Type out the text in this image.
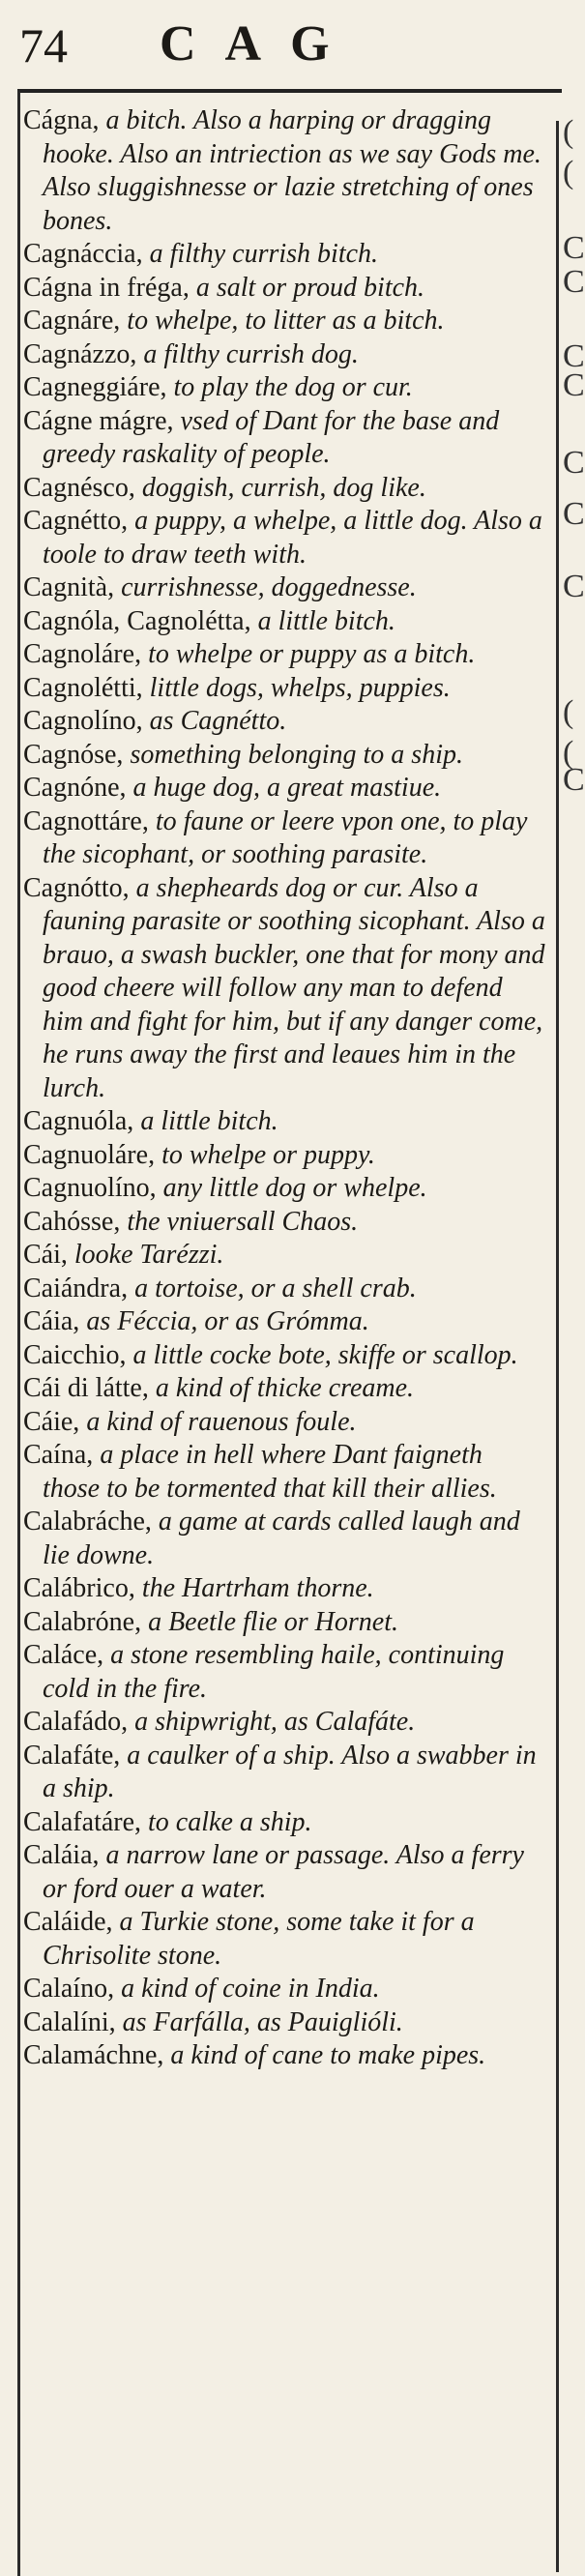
74 CAG
(
(
C
C
C
C
C
C
C
(
(
C
Cágna, a bitch. Also a harping or dragging hooke. Also an intriection as we say Gods me. Also sluggishnesse or lazie stretching of ones bones.
Cagnáccia, a filthy currish bitch.
Cágna in fréga, a salt or proud bitch.
Cagnáre, to whelpe, to litter as a bitch.
Cagnázzo, a filthy currish dog.
Cagneggiáre, to play the dog or cur.
Cágne mágre, vsed of Dant for the base and greedy raskality of people.
Cagnésco, doggish, currish, dog like.
Cagnétto, a puppy, a whelpe, a little dog. Also a toole to draw teeth with.
Cagnità, currishnesse, doggednesse.
Cagnóla, Cagnolétta, a little bitch.
Cagnoláre, to whelpe or puppy as a bitch.
Cagnolétti, little dogs, whelps, puppies.
Cagnolíno, as Cagnétto.
Cagnóse, something belonging to a ship.
Cagnóne, a huge dog, a great mastiue.
Cagnottáre, to faune or leere vpon one, to play the sicophant, or soothing parasite.
Cagnótto, a shepheards dog or cur. Also a fauning parasite or soothing sicophant. Also a brauo, a swash buckler, one that for mony and good cheere will follow any man to defend him and fight for him, but if any danger come, he runs away the first and leaues him in the lurch.
Cagnuóla, a little bitch.
Cagnuoláre, to whelpe or puppy.
Cagnuolíno, any little dog or whelpe.
Cahósse, the vniuersall Chaos.
Cái, looke Tarézzi.
Caiándra, a tortoise, or a shell crab.
Cáia, as Féccia, or as Grómma.
Caicchio, a little cocke bote, skiffe or scallop.
Cái di látte, a kind of thicke creame.
Cáie, a kind of rauenous foule.
Caína, a place in hell where Dant faigneth those to be tormented that kill their allies.
Calabráche, a game at cards called laugh and lie downe.
Calábrico, the Hartrham thorne.
Calabróne, a Beetle flie or Hornet.
Caláce, a stone resembling haile, continuing cold in the fire.
Calafádo, a shipwright, as Calafáte.
Calafáte, a caulker of a ship. Also a swabber in a ship.
Calafatáre, to calke a ship.
Caláia, a narrow lane or passage. Also a ferry or ford ouer a water.
Caláide, a Turkie stone, some take it for a Chrisolite stone.
Calaíno, a kind of coine in India.
Calalíni, as Farfálla, as Pauiglióli.
Calamáchne, a kind of cane to make pipes.
